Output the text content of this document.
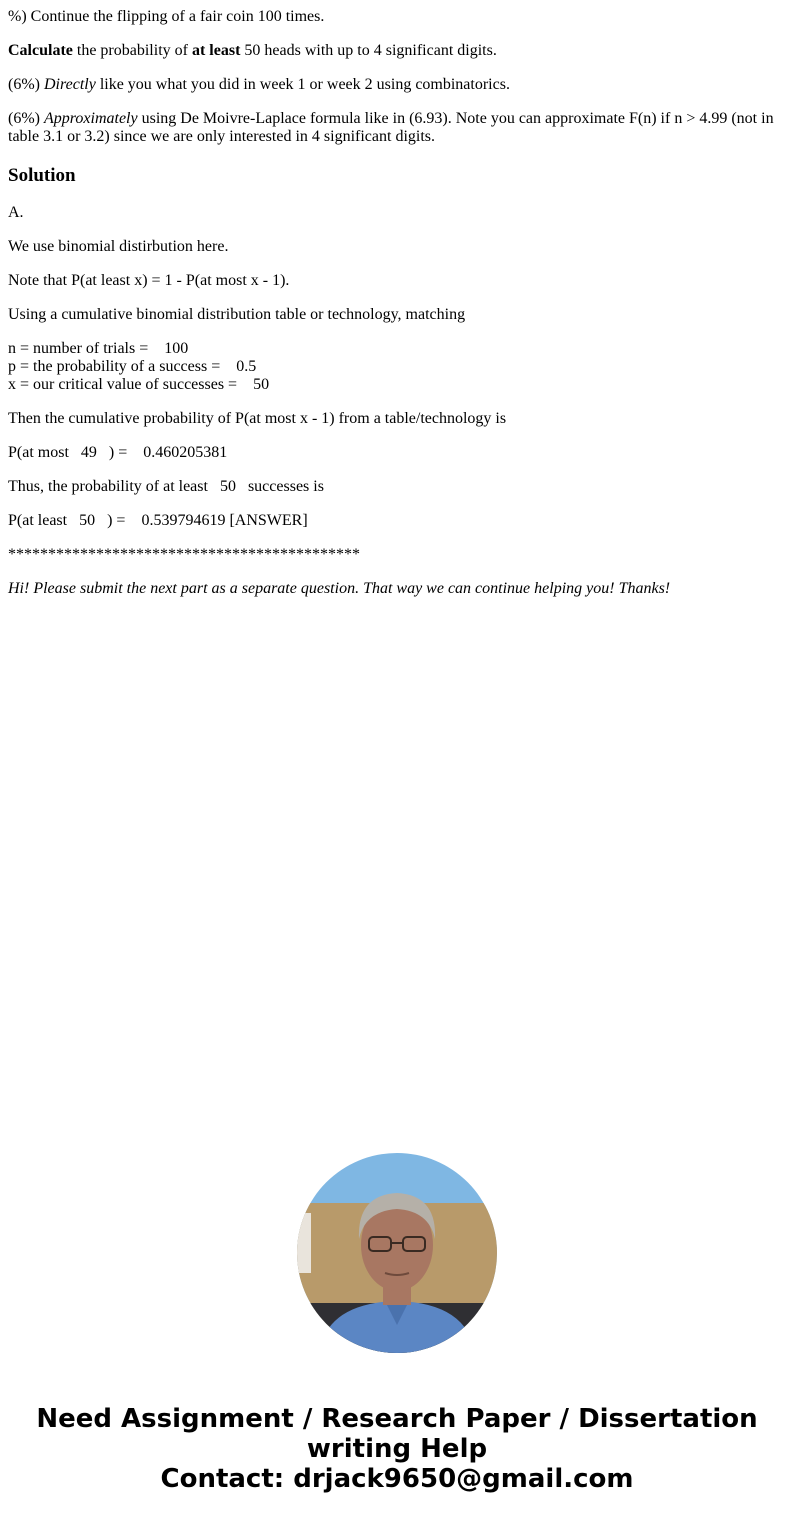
%) Continue the flipping of a fair coin 100 times.

Calculate the probability of at least 50 heads with up to 4 significant digits.

(6%) Directly like you what you did in week 1 or week 2 using combinatorics.

(6%) Approximately using De Moivre-Laplace formula like in (6.93). Note you can approximate F(n) if n > 4.99 (not in table 3.1 or 3.2) since we are only interested in 4 significant digits.

Solution

A.

We use binomial distirbution here.

Note that P(at least x) = 1 - P(at most x - 1).

Using a cumulative binomial distribution table or technology, matching

n = number of trials = 100
p = the probability of a success = 0.5
x = our critical value of successes = 50

Then the cumulative probability of P(at most x - 1) from a table/technology is

P(at most 49 ) = 0.460205381

Thus, the probability of at least 50 successes is

P(at least 50 ) = 0.539794619 [ANSWER]

********************************************

Hi! Please submit the next part as a separate question. That way we can continue helping you! Thanks!

Need Assignment / Research Paper / Dissertation
writing Help
Contact: drjack9650@gmail.com
